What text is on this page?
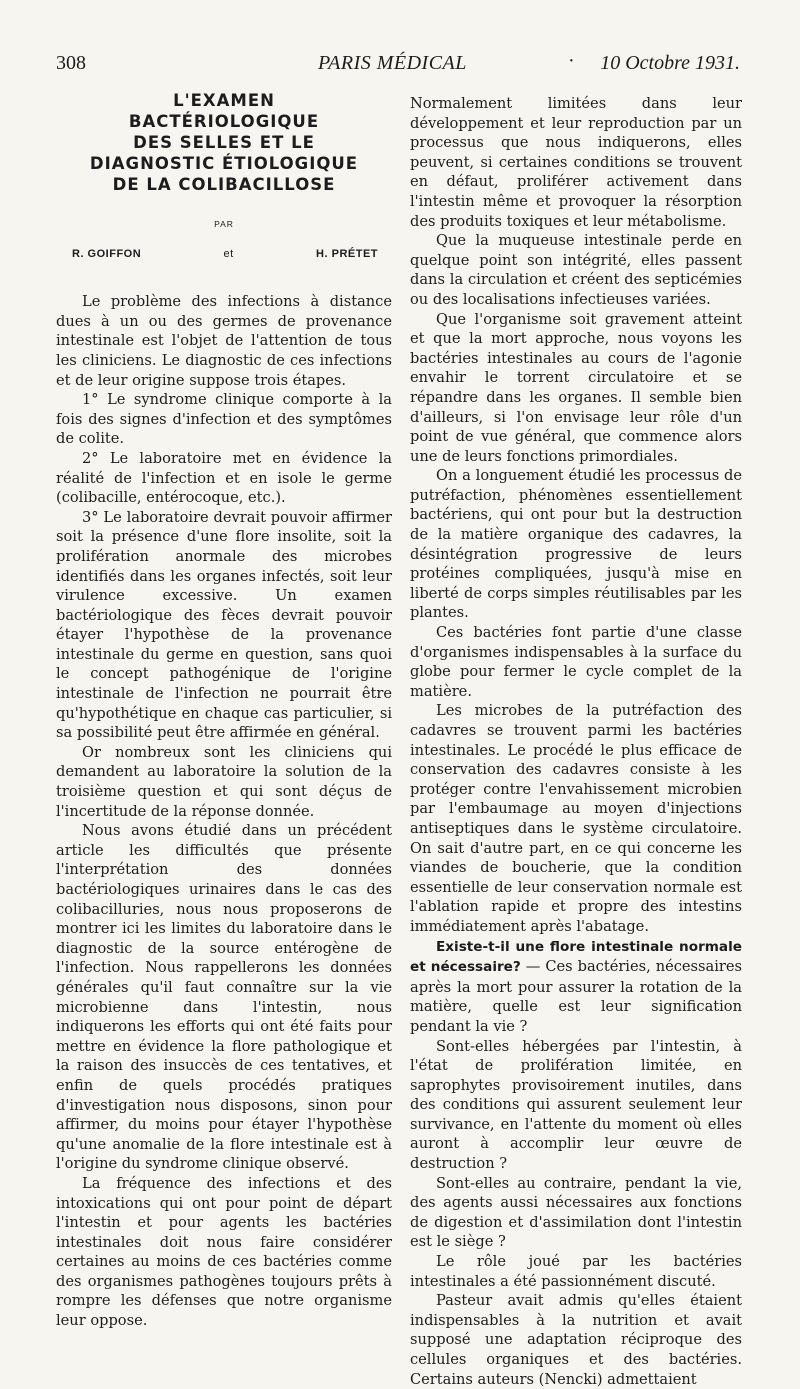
308	PARIS MÉDICAL	· 10 Octobre 1931.
L'EXAMEN
BACTÉRIOLOGIQUE
DES SELLES ET LE
DIAGNOSTIC ÉTIOLOGIQUE
DE LA COLIBACILLOSE
PAR
R. GOIFFON	et	H. PRÉTET

Le problème des infections à distance dues à un ou des germes de provenance intestinale est l'objet de l'attention de tous les cliniciens. Le diagnostic de ces infections et de leur origine suppose trois étapes.

1° Le syndrome clinique comporte à la fois des signes d'infection et des symptômes de colite.

2° Le laboratoire met en évidence la réalité de l'infection et en isole le germe (colibacille, entérocoque, etc.).

3° Le laboratoire devrait pouvoir affirmer soit la présence d'une flore insolite, soit la prolifération anormale des microbes identifiés dans les organes infectés, soit leur virulence excessive. Un examen bactériologique des fèces devrait pouvoir étayer l'hypothèse de la provenance intestinale du germe en question, sans quoi le concept pathogénique de l'origine intestinale de l'infection ne pourrait être qu'hypothétique en chaque cas particulier, si sa possibilité peut être affirmée en général.

Or nombreux sont les cliniciens qui demandent au laboratoire la solution de la troisième question et qui sont déçus de l'incertitude de la réponse donnée.

Nous avons étudié dans un précédent article les difficultés que présente l'interprétation des données bactériologiques urinaires dans le cas des colibacilluries, nous nous proposerons de montrer ici les limites du laboratoire dans le diagnostic de la source entérogène de l'infection. Nous rappellerons les données générales qu'il faut connaître sur la vie microbienne dans l'intestin, nous indiquerons les efforts qui ont été faits pour mettre en évidence la flore pathologique et la raison des insuccès de ces tentatives, et enfin de quels procédés pratiques d'investigation nous disposons, sinon pour affirmer, du moins pour étayer l'hypothèse qu'une anomalie de la flore intestinale est à l'origine du syndrome clinique observé.

La fréquence des infections et des intoxications qui ont pour point de départ l'intestin et pour agents les bactéries intestinales doit nous faire considérer certaines au moins de ces bactéries comme des organismes pathogènes toujours prêts à rompre les défenses que notre organisme leur oppose.

Normalement limitées dans leur développement et leur reproduction par un processus que nous indiquerons, elles peuvent, si certaines conditions se trouvent en défaut, proliférer activement dans l'intestin même et provoquer la résorption des produits toxiques et leur métabolisme.

Que la muqueuse intestinale perde en quelque point son intégrité, elles passent dans la circulation et créent des septicémies ou des localisations infectieuses variées.

Que l'organisme soit gravement atteint et que la mort approche, nous voyons les bactéries intestinales au cours de l'agonie envahir le torrent circulatoire et se répandre dans les organes. Il semble bien d'ailleurs, si l'on envisage leur rôle d'un point de vue général, que commence alors une de leurs fonctions primordiales.

On a longuement étudié les processus de putréfaction, phénomènes essentiellement bactériens, qui ont pour but la destruction de la matière organique des cadavres, la désintégration progressive de leurs protéines compliquées, jusqu'à mise en liberté de corps simples réutilisables par les plantes.

Ces bactéries font partie d'une classe d'organismes indispensables à la surface du globe pour fermer le cycle complet de la matière.

Les microbes de la putréfaction des cadavres se trouvent parmi les bactéries intestinales. Le procédé le plus efficace de conservation des cadavres consiste à les protéger contre l'envahissement microbien par l'embaumage au moyen d'injections antiseptiques dans le système circulatoire. On sait d'autre part, en ce qui concerne les viandes de boucherie, que la condition essentielle de leur conservation normale est l'ablation rapide et propre des intestins immédiatement après l'abatage.

Existe-t-il une flore intestinale normale et nécessaire? — Ces bactéries, nécessaires après la mort pour assurer la rotation de la matière, quelle est leur signification pendant la vie ?

Sont-elles hébergées par l'intestin, à l'état de prolifération limitée, en saprophytes provisoirement inutiles, dans des conditions qui assurent seulement leur survivance, en l'attente du moment où elles auront à accomplir leur œuvre de destruction ?

Sont-elles au contraire, pendant la vie, des agents aussi nécessaires aux fonctions de digestion et d'assimilation dont l'intestin est le siège ?

Le rôle joué par les bactéries intestinales a été passionnément discuté.

Pasteur avait admis qu'elles étaient indispensables à la nutrition et avait supposé une adaptation réciproque des cellules organiques et des bactéries. Certains auteurs (Nencki) admettaient
